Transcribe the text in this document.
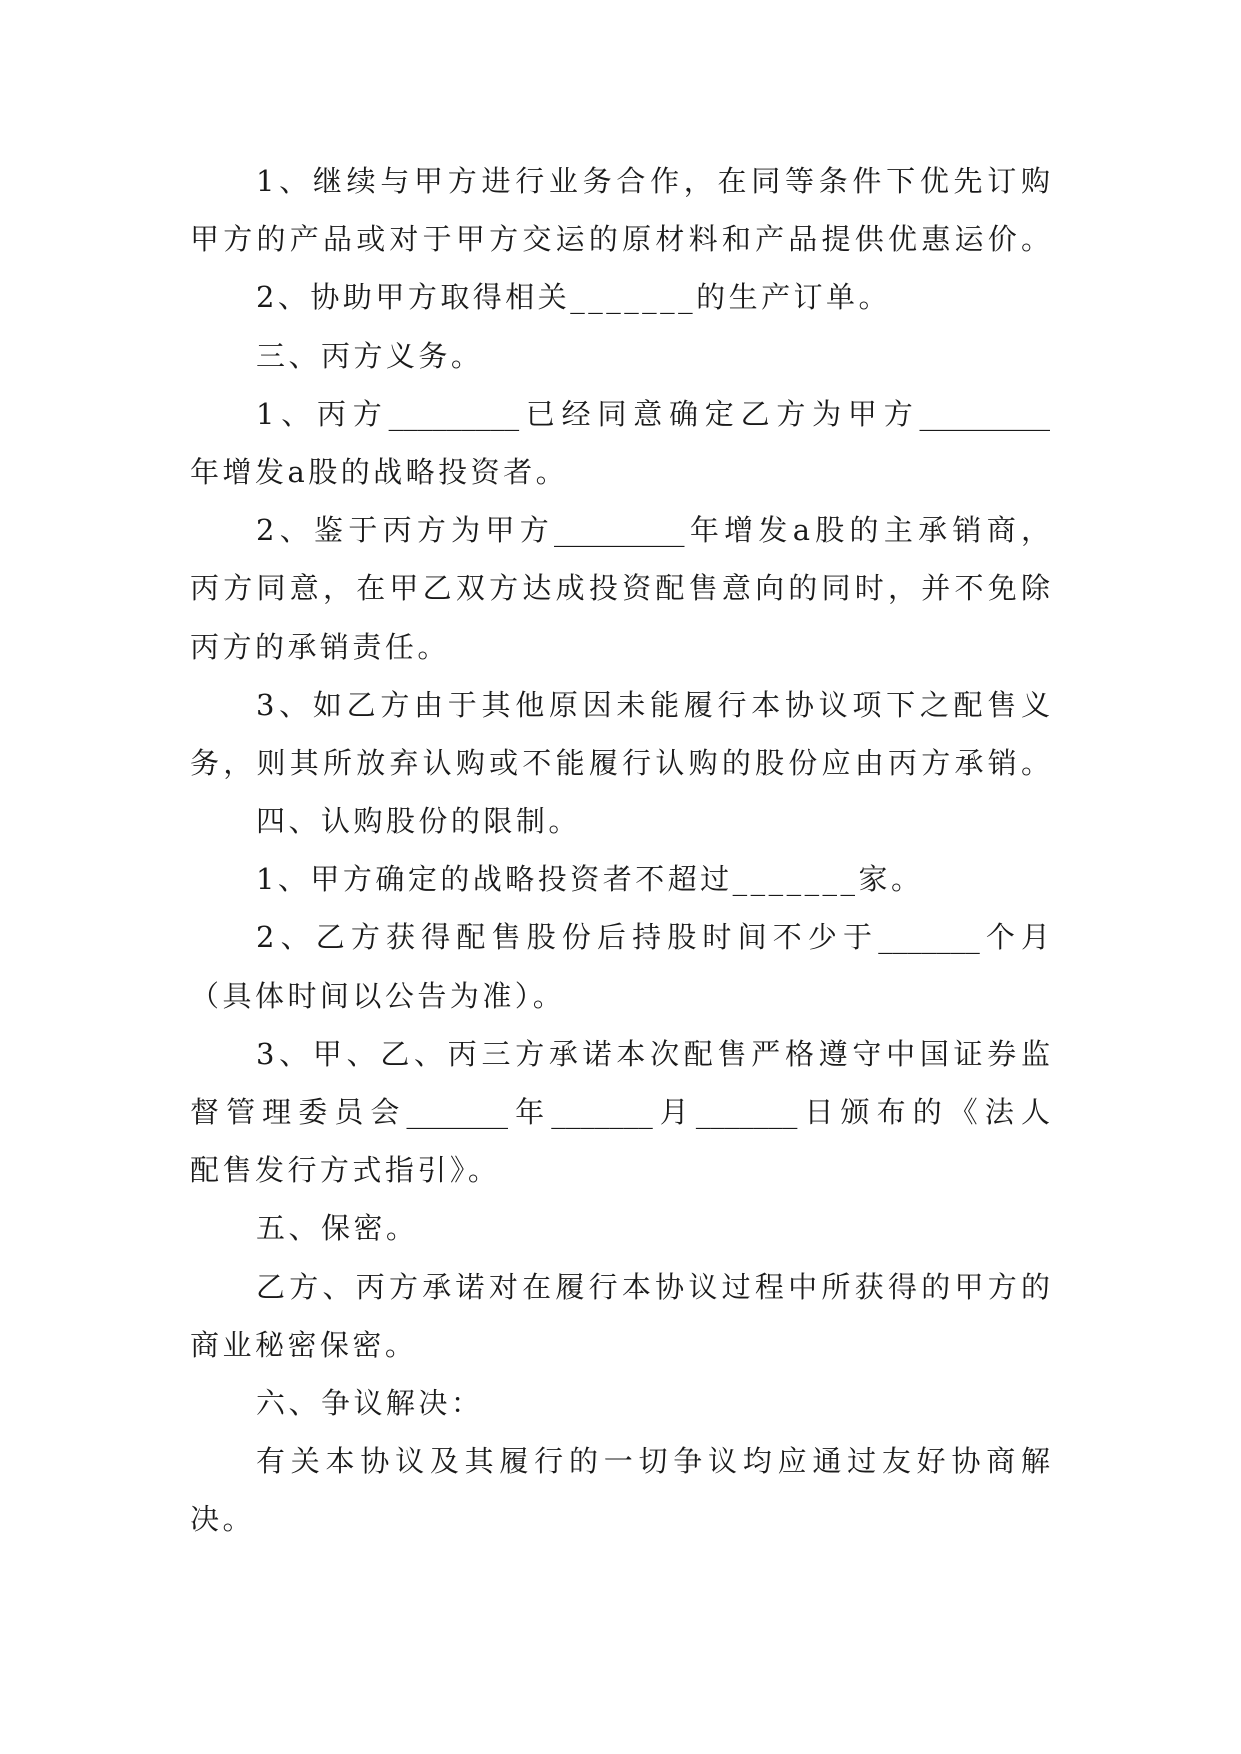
1、继续与甲方进行业务合作，在同等条件下优先订购
甲方的产品或对于甲方交运的原材料和产品提供优惠运价。
2、协助甲方取得相关_______的生产订单。
三、丙方义务。
1、丙方_________已经同意确定乙方为甲方_________
年增发a股的战略投资者。
2、鉴于丙方为甲方_________年增发a股的主承销商，
丙方同意，在甲乙双方达成投资配售意向的同时，并不免除
丙方的承销责任。
3、如乙方由于其他原因未能履行本协议项下之配售义
务，则其所放弃认购或不能履行认购的股份应由丙方承销。
四、认购股份的限制。
1、甲方确定的战略投资者不超过_______家。
2、乙方获得配售股份后持股时间不少于_______个月
（具体时间以公告为准）。
3、甲、乙、丙三方承诺本次配售严格遵守中国证券监
督管理委员会_______年_______月_______日颁布的《法人
配售发行方式指引》。
五、保密。
乙方、丙方承诺对在履行本协议过程中所获得的甲方的
商业秘密保密。
六、争议解决：
有关本协议及其履行的一切争议均应通过友好协商解
决。
